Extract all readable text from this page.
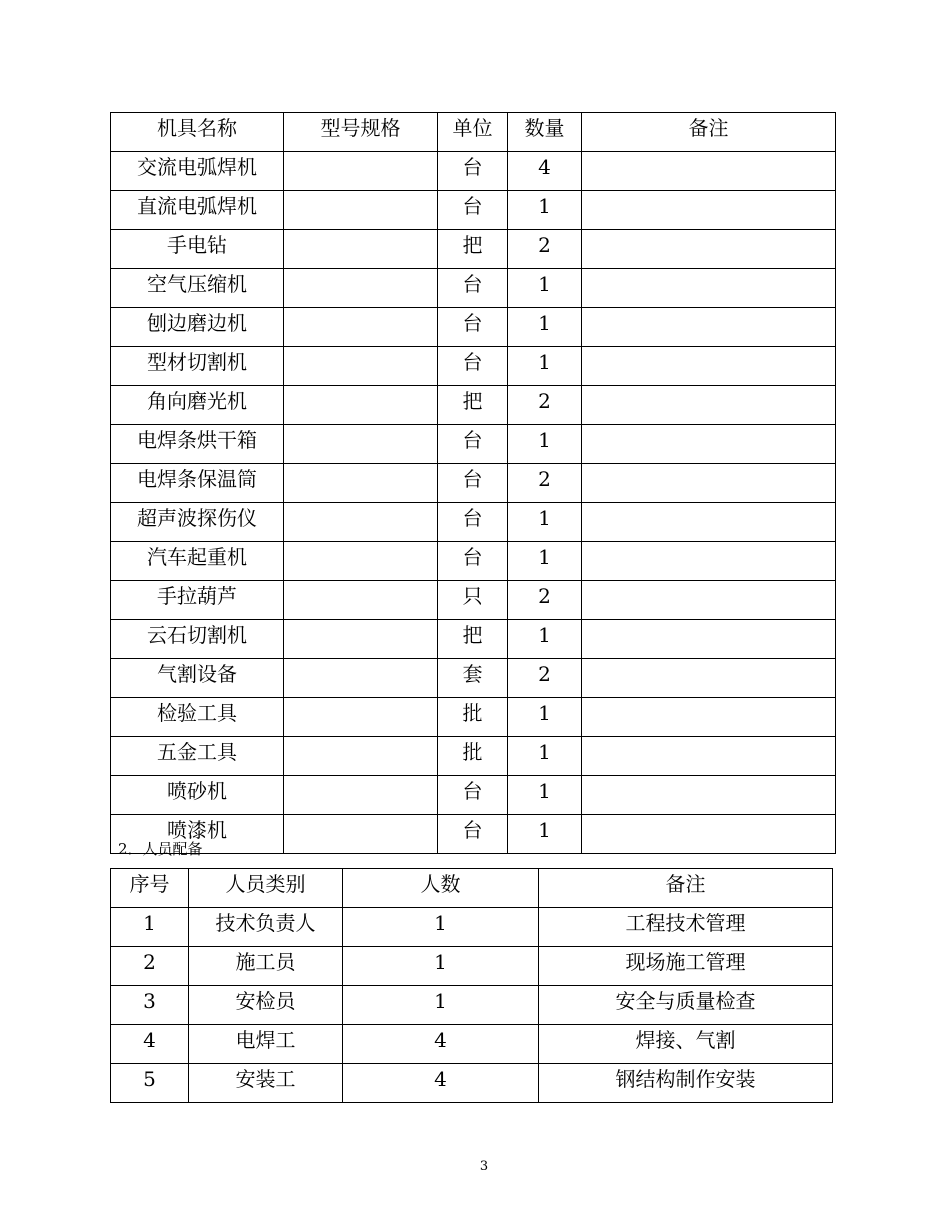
机具名称	型号规格	单位	数量	备注
交流电弧焊机		台	4	
直流电弧焊机		台	1	
手电钻		把	2	
空气压缩机		台	1	
刨边磨边机		台	1	
型材切割机		台	1	
角向磨光机		把	2	
电焊条烘干箱		台	1	
电焊条保温筒		台	2	
超声波探伤仪		台	1	
汽车起重机		台	1	
手拉葫芦		只	2	
云石切割机		把	1	
气割设备		套	2	
检验工具		批	1	
五金工具		批	1	
喷砂机		台	1	
喷漆机		台	1	
2．人员配备
序号	人员类别	人数	备注
1	技术负责人	1	工程技术管理
2	施工员	1	现场施工管理
3	安检员	1	安全与质量检查
4	电焊工	4	焊接、气割
5	安装工	4	钢结构制作安装
3
